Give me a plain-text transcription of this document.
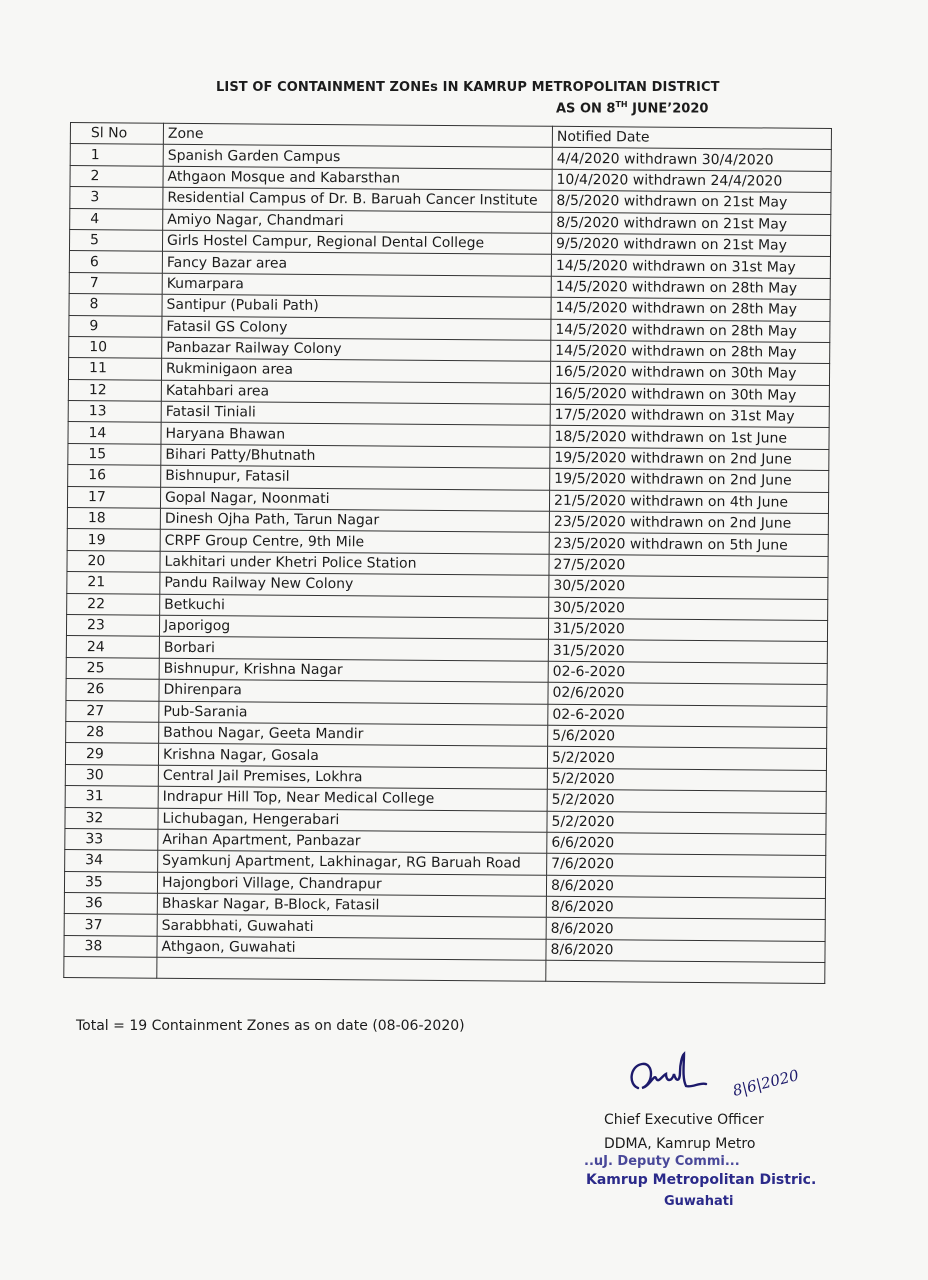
LIST OF CONTAINMENT ZONEs IN KAMRUP METROPOLITAN DISTRICT
AS ON 8TH JUNE’2020
Sl No	Zone	Notified Date
1	Spanish Garden Campus	4/4/2020 withdrawn 30/4/2020
2	Athgaon Mosque and Kabarsthan	10/4/2020 withdrawn 24/4/2020
3	Residential Campus of Dr. B. Baruah Cancer Institute	8/5/2020 withdrawn on 21st May
4	Amiyo Nagar, Chandmari	8/5/2020 withdrawn on 21st May
5	Girls Hostel Campur, Regional Dental College	9/5/2020 withdrawn on 21st May
6	Fancy Bazar area	14/5/2020 withdrawn on 31st May
7	Kumarpara	14/5/2020 withdrawn on 28th May
8	Santipur (Pubali Path)	14/5/2020 withdrawn on 28th May
9	Fatasil GS Colony	14/5/2020 withdrawn on 28th May
10	Panbazar Railway Colony	14/5/2020 withdrawn on 28th May
11	Rukminigaon area	16/5/2020 withdrawn on 30th May
12	Katahbari area	16/5/2020 withdrawn on 30th May
13	Fatasil Tiniali	17/5/2020 withdrawn on 31st May
14	Haryana Bhawan	18/5/2020 withdrawn on 1st June
15	Bihari Patty/Bhutnath	19/5/2020 withdrawn on 2nd June
16	Bishnupur, Fatasil	19/5/2020 withdrawn on 2nd June
17	Gopal Nagar, Noonmati	21/5/2020 withdrawn on 4th June
18	Dinesh Ojha Path, Tarun Nagar	23/5/2020 withdrawn on 2nd June
19	CRPF Group Centre, 9th Mile	23/5/2020 withdrawn on 5th June
20	Lakhitari under Khetri Police Station	27/5/2020
21	Pandu Railway New Colony	30/5/2020
22	Betkuchi	30/5/2020
23	Japorigog	31/5/2020
24	Borbari	31/5/2020
25	Bishnupur, Krishna Nagar	02-6-2020
26	Dhirenpara	02/6/2020
27	Pub-Sarania	02-6-2020
28	Bathou Nagar, Geeta Mandir	5/6/2020
29	Krishna Nagar, Gosala	5/2/2020
30	Central Jail Premises, Lokhra	5/2/2020
31	Indrapur Hill Top, Near Medical College	5/2/2020
32	Lichubagan, Hengerabari	5/2/2020
33	Arihan Apartment, Panbazar	6/6/2020
34	Syamkunj Apartment, Lakhinagar, RG Baruah Road	7/6/2020
35	Hajongbori Village, Chandrapur	8/6/2020
36	Bhaskar Nagar, B-Block, Fatasil	8/6/2020
37	Sarabbhati, Guwahati	8/6/2020
38	Athgaon, Guwahati	8/6/2020

Total = 19 Containment Zones as on date (08-06-2020)
8|6|2020
Chief Executive Officer
DDMA, Kamrup Metro
..uJ. Deputy Commi...
Kamrup Metropolitan Distric.
Guwahati
